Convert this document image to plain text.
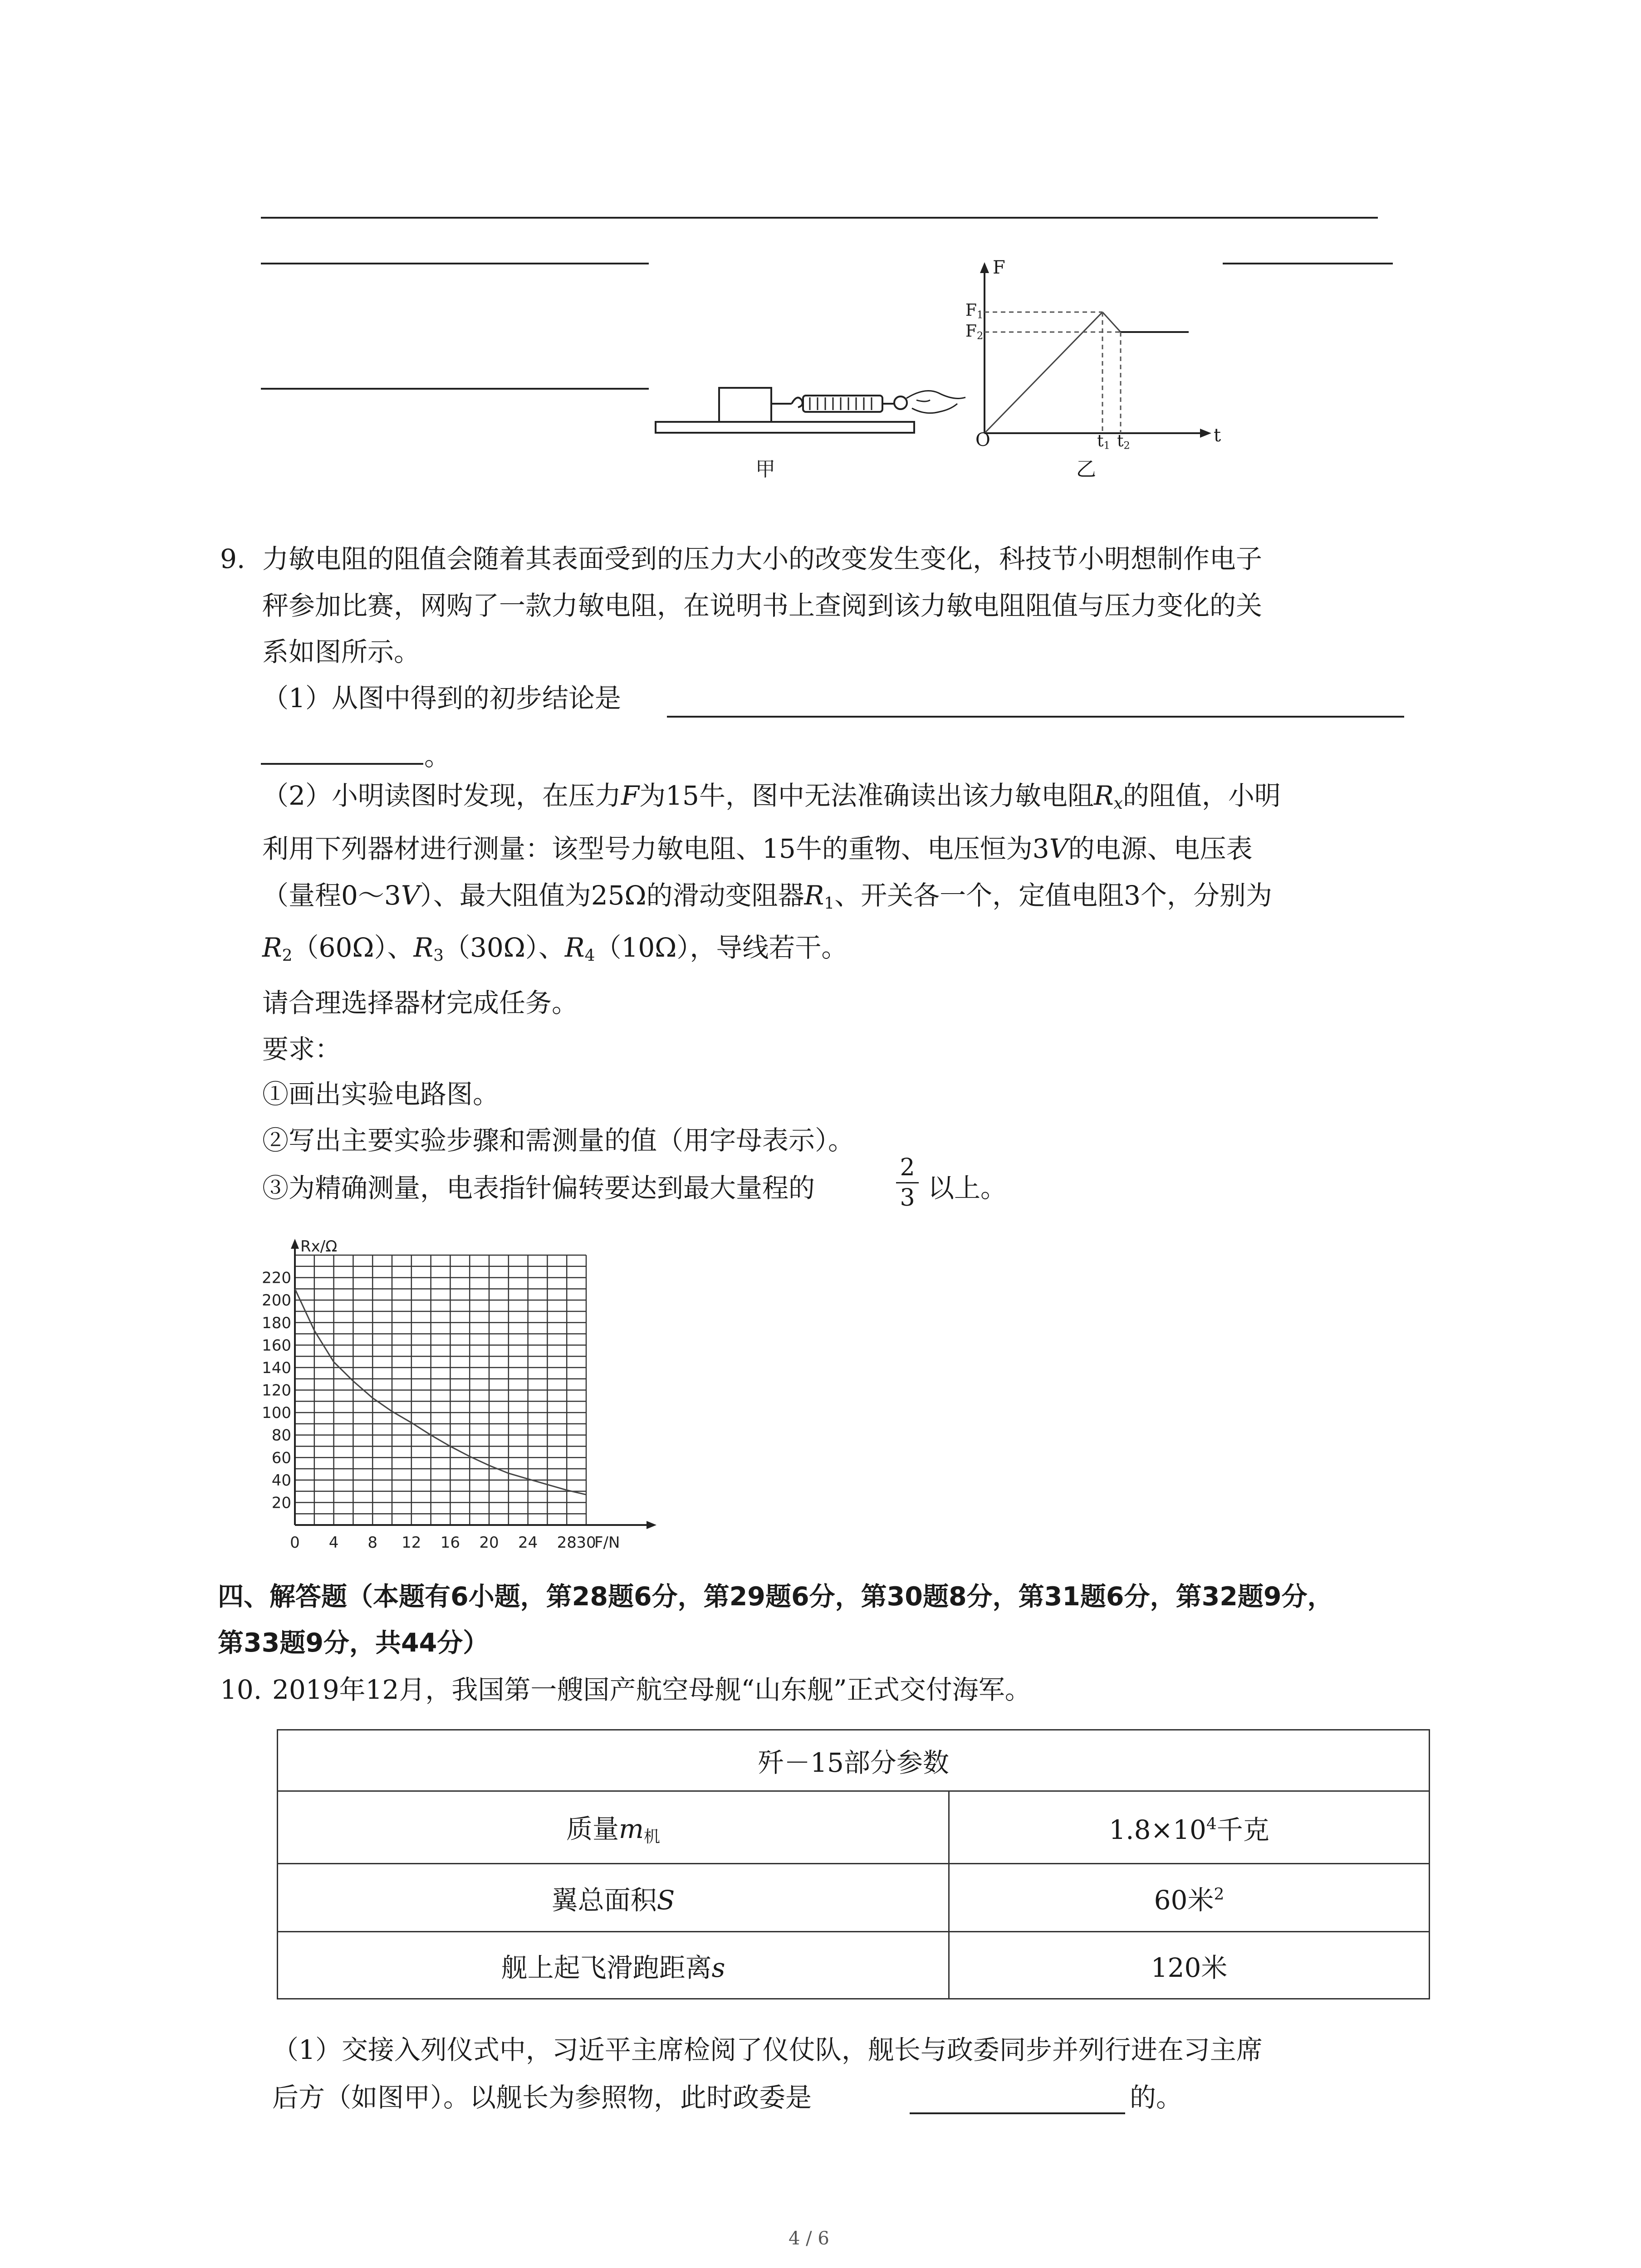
甲
F
t
O
$F_1$
$F_2$
$t_1$ $t_2$
乙
9. 力敏电阻的阻值会随着其表面受到的压力大小的改变发生变化，科技节小明想制作电子
秤参加比赛，网购了一款力敏电阻，在说明书上查阅到该力敏电阻阻值与压力变化的关
系如图所示。
（1）从图中得到的初步结论是
。
（2）小明读图时发现，在压力F为15牛，图中无法准确读出该力敏电阻$R_x$的阻值，小明
利用下列器材进行测量：该型号力敏电阻、15牛的重物、电压恒为3V的电源、电压表
（量程0～3V）、最大阻值为25Ω的滑动变阻器$R_1$、开关各一个，定值电阻3个，分别为
$R_2(60\Omega)$、$R_3(30\Omega)$、$R_4(10\Omega)$，导线若干。
请合理选择器材完成任务。
要求：
①画出实验电路图。
②写出主要实验步骤和需测量的值（用字母表示）。
③为精确测量，电表指针偏转要达到最大量程的
2
3 以上。
20
40
60
80
100
120
140
160
180
200
220
0 4 8 12 16 20 24 28 30
Rx/Ω
F/N
四、解答题（本题有6小题，第28题6分，第29题6分，第30题8分，第31题6分，第32题9分，
第33题9分，共44分）
10. 2019年12月，我国第一艘国产航空母舰“山东舰”正式交付海军。
歼－15部分参数	
质量$m_机$	$1.8\times 10^4$千克
翼总面积S	60米$^2$
舰上起飞滑跑距离s	120米
（1）交接入列仪式中，习近平主席检阅了仪仗队，舰长与政委同步并列行进在习主席
后方（如图甲）。以舰长为参照物，此时政委是	的。
4 / 6
